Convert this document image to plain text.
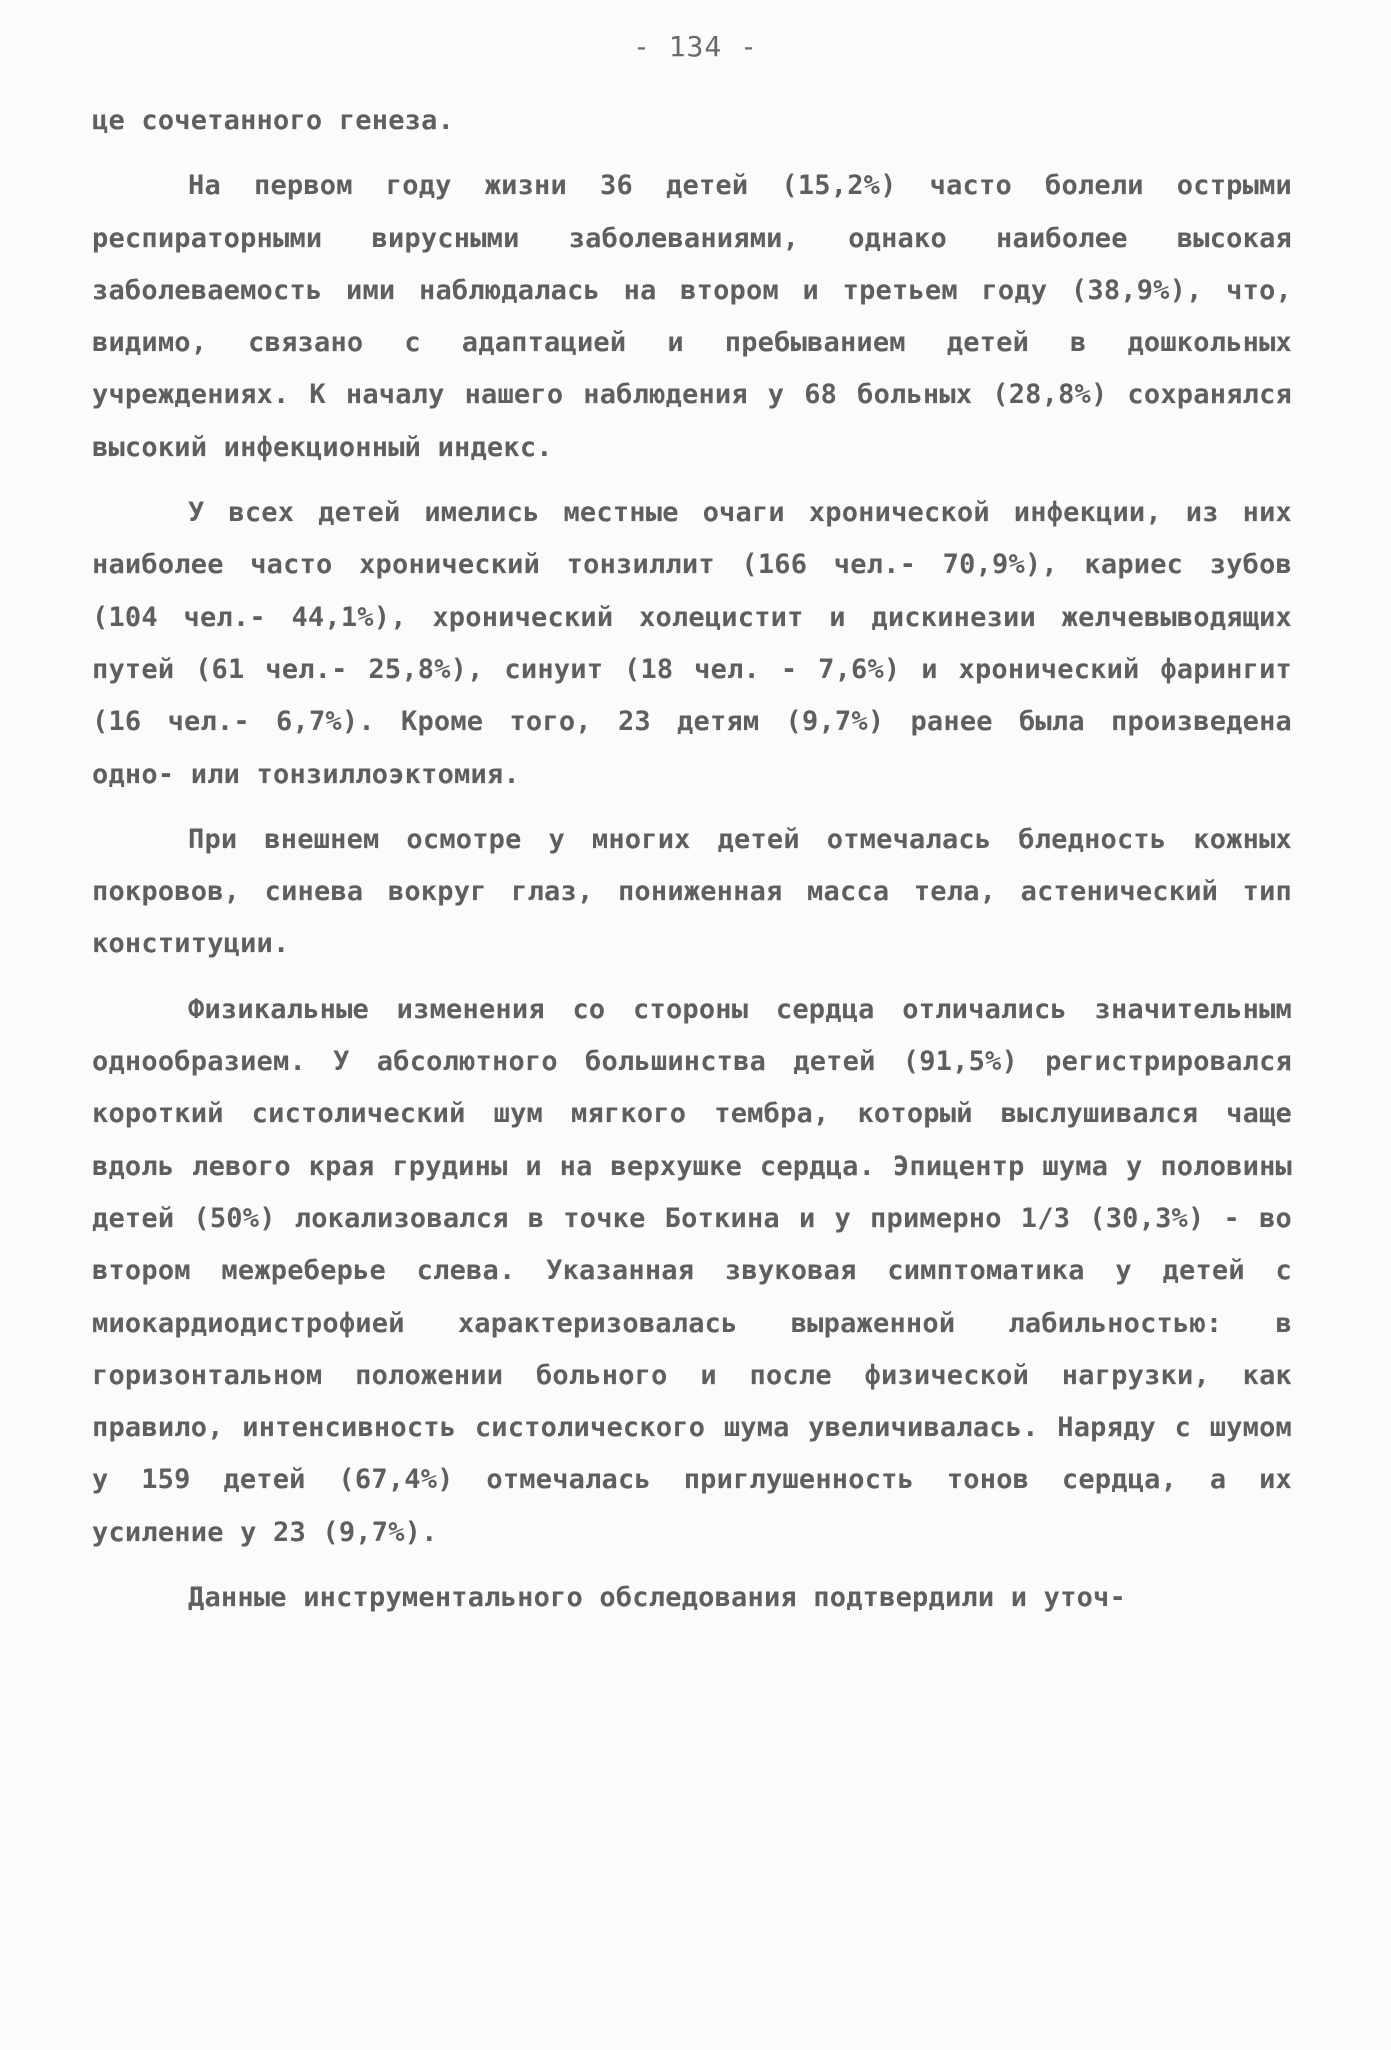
- 134 -

це сочетанного генеза.

На первом году жизни 36 детей (15,2%) часто болели острыми респираторными вирусными заболеваниями, однако наиболее высокая заболеваемость ими наблюдалась на втором и третьем году (38,9%), что, видимо, связано с адаптацией и пребыванием детей в дошкольных учреждениях. К началу нашего наблюдения у 68 больных (28,8%) сохранялся высокий инфекционный индекс.

У всех детей имелись местные очаги хронической инфекции, из них наиболее часто хронический тонзиллит (166 чел.- 70,9%), кариес зубов (104 чел.- 44,1%), хронический холецистит и дискинезии желчевыводящих путей (61 чел.- 25,8%), синуит (18 чел. - 7,6%) и хронический фарингит (16 чел.- 6,7%). Кроме того, 23 детям (9,7%) ранее была произведена одно- или тонзиллоэктомия.

При внешнем осмотре у многих детей отмечалась бледность кожных покровов, синева вокруг глаз, пониженная масса тела, астенический тип конституции.

Физикальные изменения со стороны сердца отличались значительным однообразием. У абсолютного большинства детей (91,5%) регистрировался короткий систолический шум мягкого тембра, который выслушивался чаще вдоль левого края грудины и на верхушке сердца. Эпицентр шума у половины детей (50%) локализовался в точке Боткина и у примерно 1/3 (30,3%) - во втором межреберье слева. Указанная звуковая симптоматика у детей с миокардиодистрофией характеризовалась выраженной лабильностью: в горизонтальном положении больного и после физической нагрузки, как правило, интенсивность систолического шума увеличивалась. Наряду с шумом у 159 детей (67,4%) отмечалась приглушенность тонов сердца, а их усиление у 23 (9,7%).

Данные инструментального обследования подтвердили и уточ-
